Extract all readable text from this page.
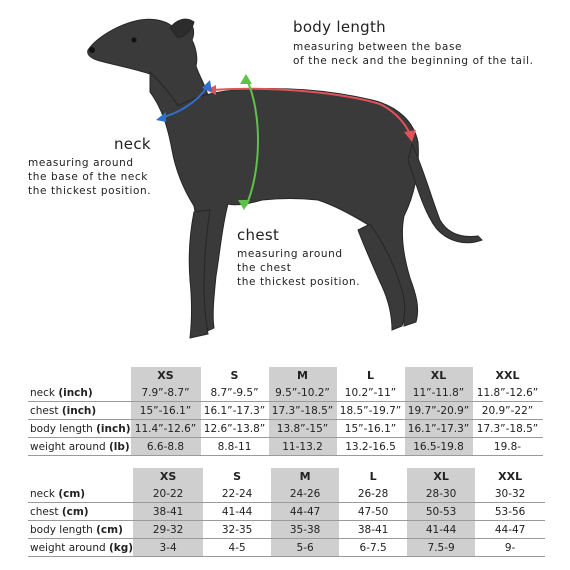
body length
measuring between the base
of the neck and the beginning of the tail.
neck
measuring around
the base of the neck
the thickest position.
chest
measuring around
the chest
the thickest position.
	XS	S	M	L	XL	XXL
neck (inch)	7.9”-8.7”	8.7”-9.5”	9.5”-10.2”	10.2”-11”	11”-11.8”	11.8”-12.6”
chest (inch)	15”-16.1”	16.1”-17.3”	17.3”-18.5”	18.5”-19.7”	19.7”-20.9”	20.9”-22”
body length (inch)	11.4”-12.6”	12.6”-13.8”	13.8”-15”	15”-16.1”	16.1”-17.3”	17.3”-18.5”
weight around (lb)	6.6-8.8	8.8-11	11-13.2	13.2-16.5	16.5-19.8	19.8-
	XS	S	M	L	XL	XXL
neck (cm)	20-22	22-24	24-26	26-28	28-30	30-32
chest (cm)	38-41	41-44	44-47	47-50	50-53	53-56
body length (cm)	29-32	32-35	35-38	38-41	41-44	44-47
weight around (kg)	3-4	4-5	5-6	6-7.5	7.5-9	9-
